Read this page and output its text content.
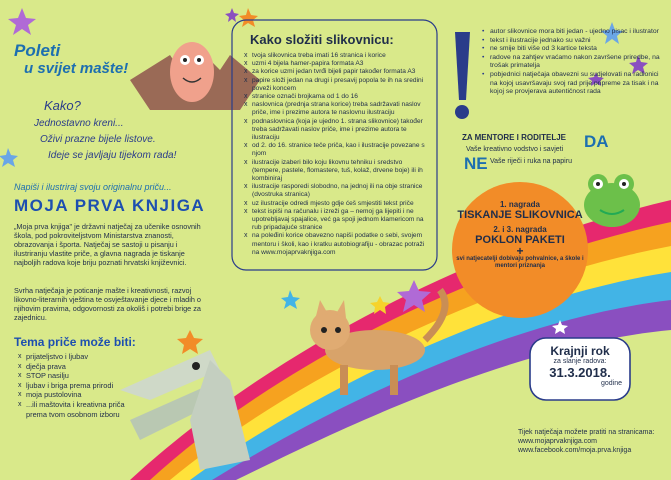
Poleti
u svijet mašte!
Kako?
Jednostavno kreni...
Oživi prazne bijele listove.
Ideje se javljaju tijekom rada!
Napiši i ilustriraj svoju originalnu priču...
MOJA PRVA KNJIGA
„Moja prva knjiga" je državni natječaj za učenike osnovnih škola, pod pokroviteljstvom Ministarstva znanosti, obrazovanja i športa. Natječaj se sastoji u pisanju i ilustriranju vlastite priče, a glavna nagrada je tiskanje najboljih radova koje briju poznati hrvatski književnici.
Svrha natječaja je poticanje mašte i kreativnosti, razvoj likovno-literarnih vještina te osvještavanje djece i mladih o njihovim pravima, odgovornosti za okoliš i potrebi brige za zajednicu.
Tema priče može biti:
x prijateljstvo i ljubav
x dječja prava
x STOP nasilju
x ljubav i briga prema prirodi
x moja pustolovina
x ...ili maštovita i kreativna priča prema tvom osobnom izboru
Kako složiti slikovnicu:
x tvoja slikovnica treba imati 16 stranica i korice
x uzmi 4 bijela hamer-papira formata A3
x za korice uzmi jedan tvrđi bijeli papir također formata A3
x papire složi jedan na drugi i presavij popola te ih na sredini poveži koncem
x stranice označi brojkama od 1 do 16
x naslovnica (prednja strana korice) treba sadržavati naslov priče, ime i prezime autora te naslovnu ilustraciju
x podnaslovnica (koja je ujedno 1. strana slikovnice) također treba sadržavati naslov priče, ime i prezime autora te ilustraciju
x od 2. do 16. stranice teče priča, kao i ilustracije povezane s njom
x ilustracije izaberi bilo koju likovnu tehniku i sredstvo (tempere, pastele, flomastere, tuš, kolaž, drvene boje) ili ih kombiniraj
x ilustracije rasporedi slobodno, na jednoj ili na obje stranice (dvostruka stranica)
x uz ilustracije odredi mjesto gdje ćeš smjestiti tekst priče
x tekst ispiši na računalu i izreži ga – nemoj ga lijepiti i ne upotrebljavaj spajalice, već ga spoji jednom klamericom na rub pripadajuće stranice
x na poleđini korice obavezno napiši podatke o sebi, svojem mentoru i školi, kao i kratku autobiografiju - obrazac potraži na www.mojaprvaknjiga.com
• autor slikovnice mora biti jedan - ujedno pisac i ilustrator
• tekst i ilustracije jednako su važni
• ne smije biti više od 3 kartice teksta
• radove na zahtjev vraćamo nakon završene priredbe, na trošak primatelja
• pobjednici natječaja obavezni su sudjelovati na radionici na kojoj usavršavaju svoj rad prije pripreme za tisak i na kojoj se provjerava autentičnost rada
ZA MENTORE I RODITELJE
Vaše kreativno vodstvo i savjeti DA
NE Vaše riječi i ruka na papiru
1. nagrada
TISKANJE SLIKOVNICA
2. i 3. nagrada
POKLON PAKETI
+
svi natjecatelji dobivaju pohvalnice, a škole i mentori priznanja
Krajnji rok
za slanje radova:
31.3.2018.
godine
Tijek natječaja možete pratiti na stranicama:
www.mojaprvaknjiga.com
www.facebook.com/moja.prva.knjiga
